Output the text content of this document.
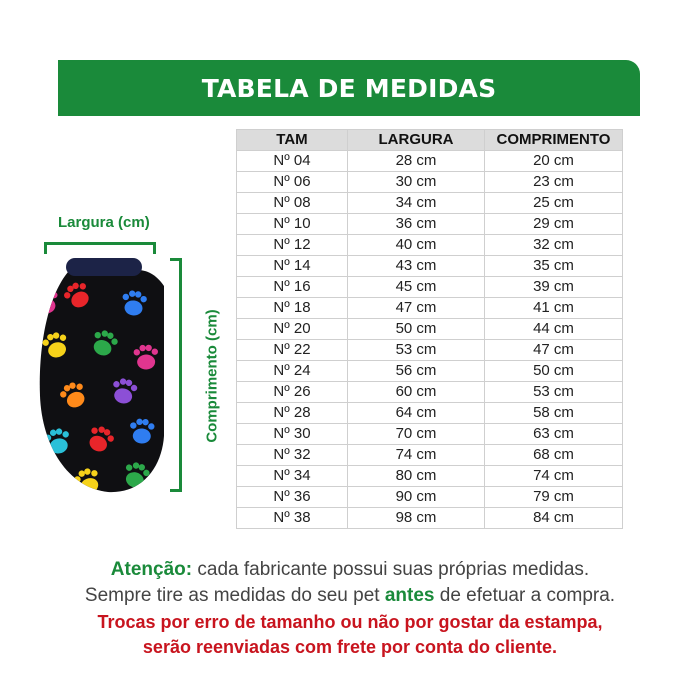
TABELA DE MEDIDAS
Largura (cm)
Comprimento (cm)
TAM	LARGURA	COMPRIMENTO
Nº 04	28 cm	20 cm
Nº 06	30 cm	23 cm
Nº 08	34 cm	25 cm
Nº 10	36 cm	29 cm
Nº 12	40 cm	32 cm
Nº 14	43 cm	35 cm
Nº 16	45 cm	39 cm
Nº 18	47 cm	41 cm
Nº 20	50 cm	44 cm
Nº 22	53 cm	47 cm
Nº 24	56 cm	50 cm
Nº 26	60 cm	53 cm
Nº 28	64 cm	58 cm
Nº 30	70 cm	63 cm
Nº 32	74 cm	68 cm
Nº 34	80 cm	74 cm
Nº 36	90 cm	79 cm
Nº 38	98 cm	84 cm
Atenção: cada fabricante possui suas próprias medidas.
Sempre tire as medidas do seu pet antes de efetuar a compra.
Trocas por erro de tamanho ou não por gostar da estampa,
serão reenviadas com frete por conta do cliente.
